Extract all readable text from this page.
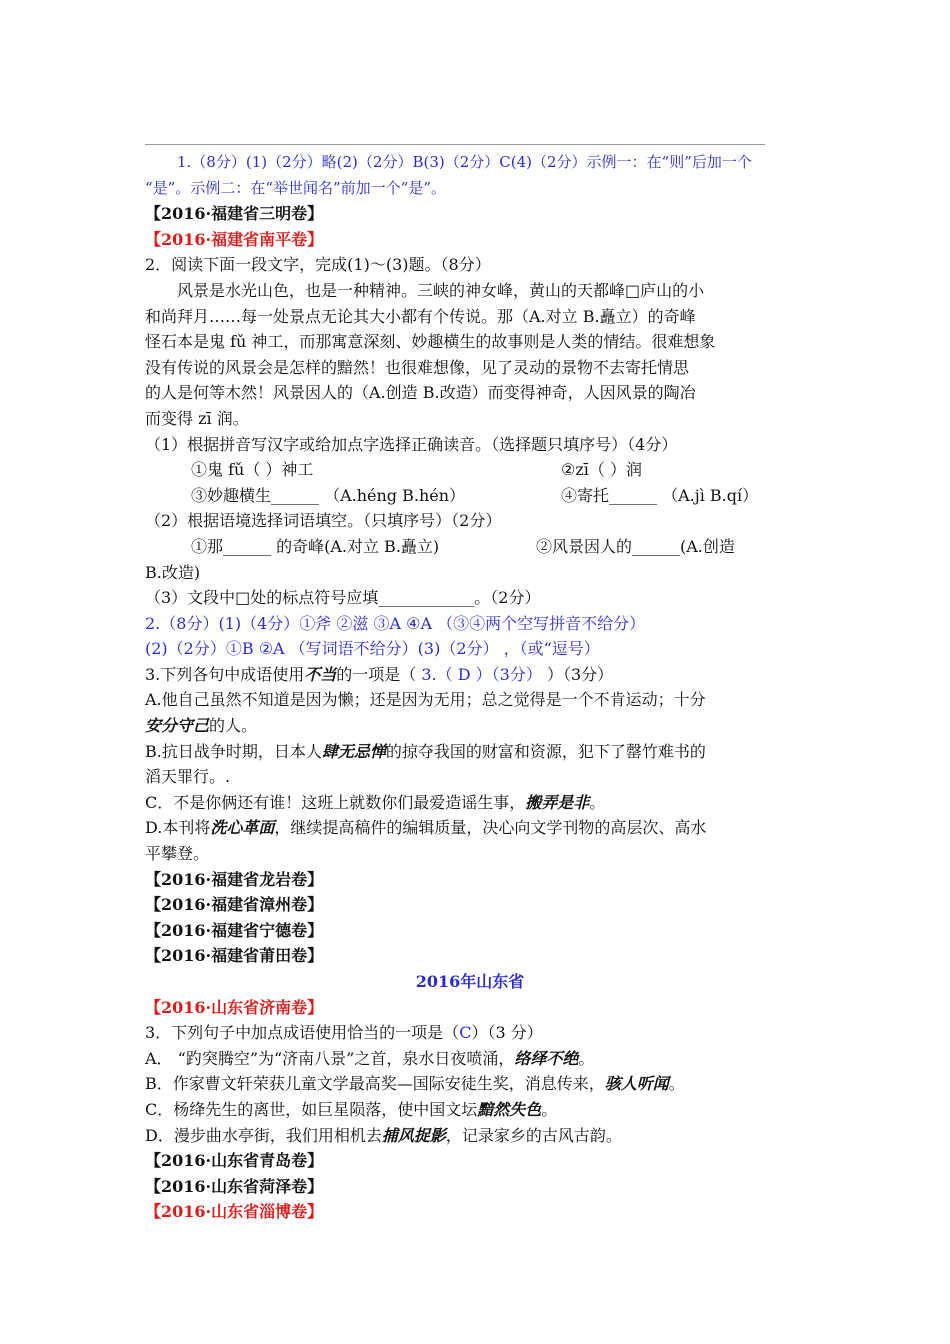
1.（8分）(1)（2分）略(2)（2分）B(3)（2分）C(4)（2分）示例一：在“则”后加一个
“是”。示例二：在“举世闻名”前加一个“是”。
【2016·福建省三明卷】
【2016·福建省南平卷】
2．阅读下面一段文字，完成(1)～(3)题。（8分）
风景是水光山色，也是一种精神。三峡的神女峰，黄山的天都峰□庐山的小
和尚拜月……每一处景点无论其大小都有个传说。那（A.对立 B.矗立）的奇峰
怪石本是鬼 fǔ 神工，而那寓意深刻、妙趣横生的故事则是人类的情结。很难想象
没有传说的风景会是怎样的黯然！也很难想像，见了灵动的景物不去寄托情思
的人是何等木然！风景因人的（A.创造 B.改造）而变得神奇，人因风景的陶冶
而变得 zī 润。
（1）根据拼音写汉字或给加点字选择正确读音。（选择题只填序号）（4分）
①鬼 fǔ（ ）神工	②zī（ ）润
③妙趣横生______ （A.héng B.hén）	④寄托______ （A.jì B.qí）
（2）根据语境选择词语填空。（只填序号）（2分）
①那______ 的奇峰(A.对立 B.矗立)	②风景因人的______(A.创造
B.改造)
（3）文段中□处的标点符号应填____________。（2分）
2.（8分）(1)（4分）①斧 ②滋 ③A ④A （③④两个空写拼音不给分）
(2)（2分）①B ②A （写词语不给分）(3)（2分） ，（或“逗号）
3.下列各句中成语使用不当的一项是（ 3.（ D ）（3分） ）（3分）
A.他自己虽然不知道是因为懒；还是因为无用；总之觉得是一个不肯运动；十分
安分守己的人。
B.抗日战争时期，日本人肆无忌惮的掠夺我国的财富和资源，犯下了罄竹难书的
滔天罪行。.
C．不是你俩还有谁！这班上就数你们最爱造谣生事，搬弄是非。
D.本刊将洗心革面，继续提高稿件的编辑质量，决心向文学刊物的高层次、高水
平攀登。
【2016·福建省龙岩卷】
【2016·福建省漳州卷】
【2016·福建省宁德卷】
【2016·福建省莆田卷】
2016年山东省
【2016·山东省济南卷】
3．下列句子中加点成语使用恰当的一项是（C）（3 分）
A． “趵突腾空”为“济南八景”之首，泉水日夜喷涌，络绎不绝。
B．作家曹文轩荣获儿童文学最高奖—国际安徒生奖，消息传来，骇人听闻。
C．杨绛先生的离世，如巨星陨落，使中国文坛黯然失色。
D．漫步曲水亭街，我们用相机去捕风捉影，记录家乡的古风古韵。
【2016·山东省青岛卷】
【2016·山东省菏泽卷】
【2016·山东省淄博卷】
